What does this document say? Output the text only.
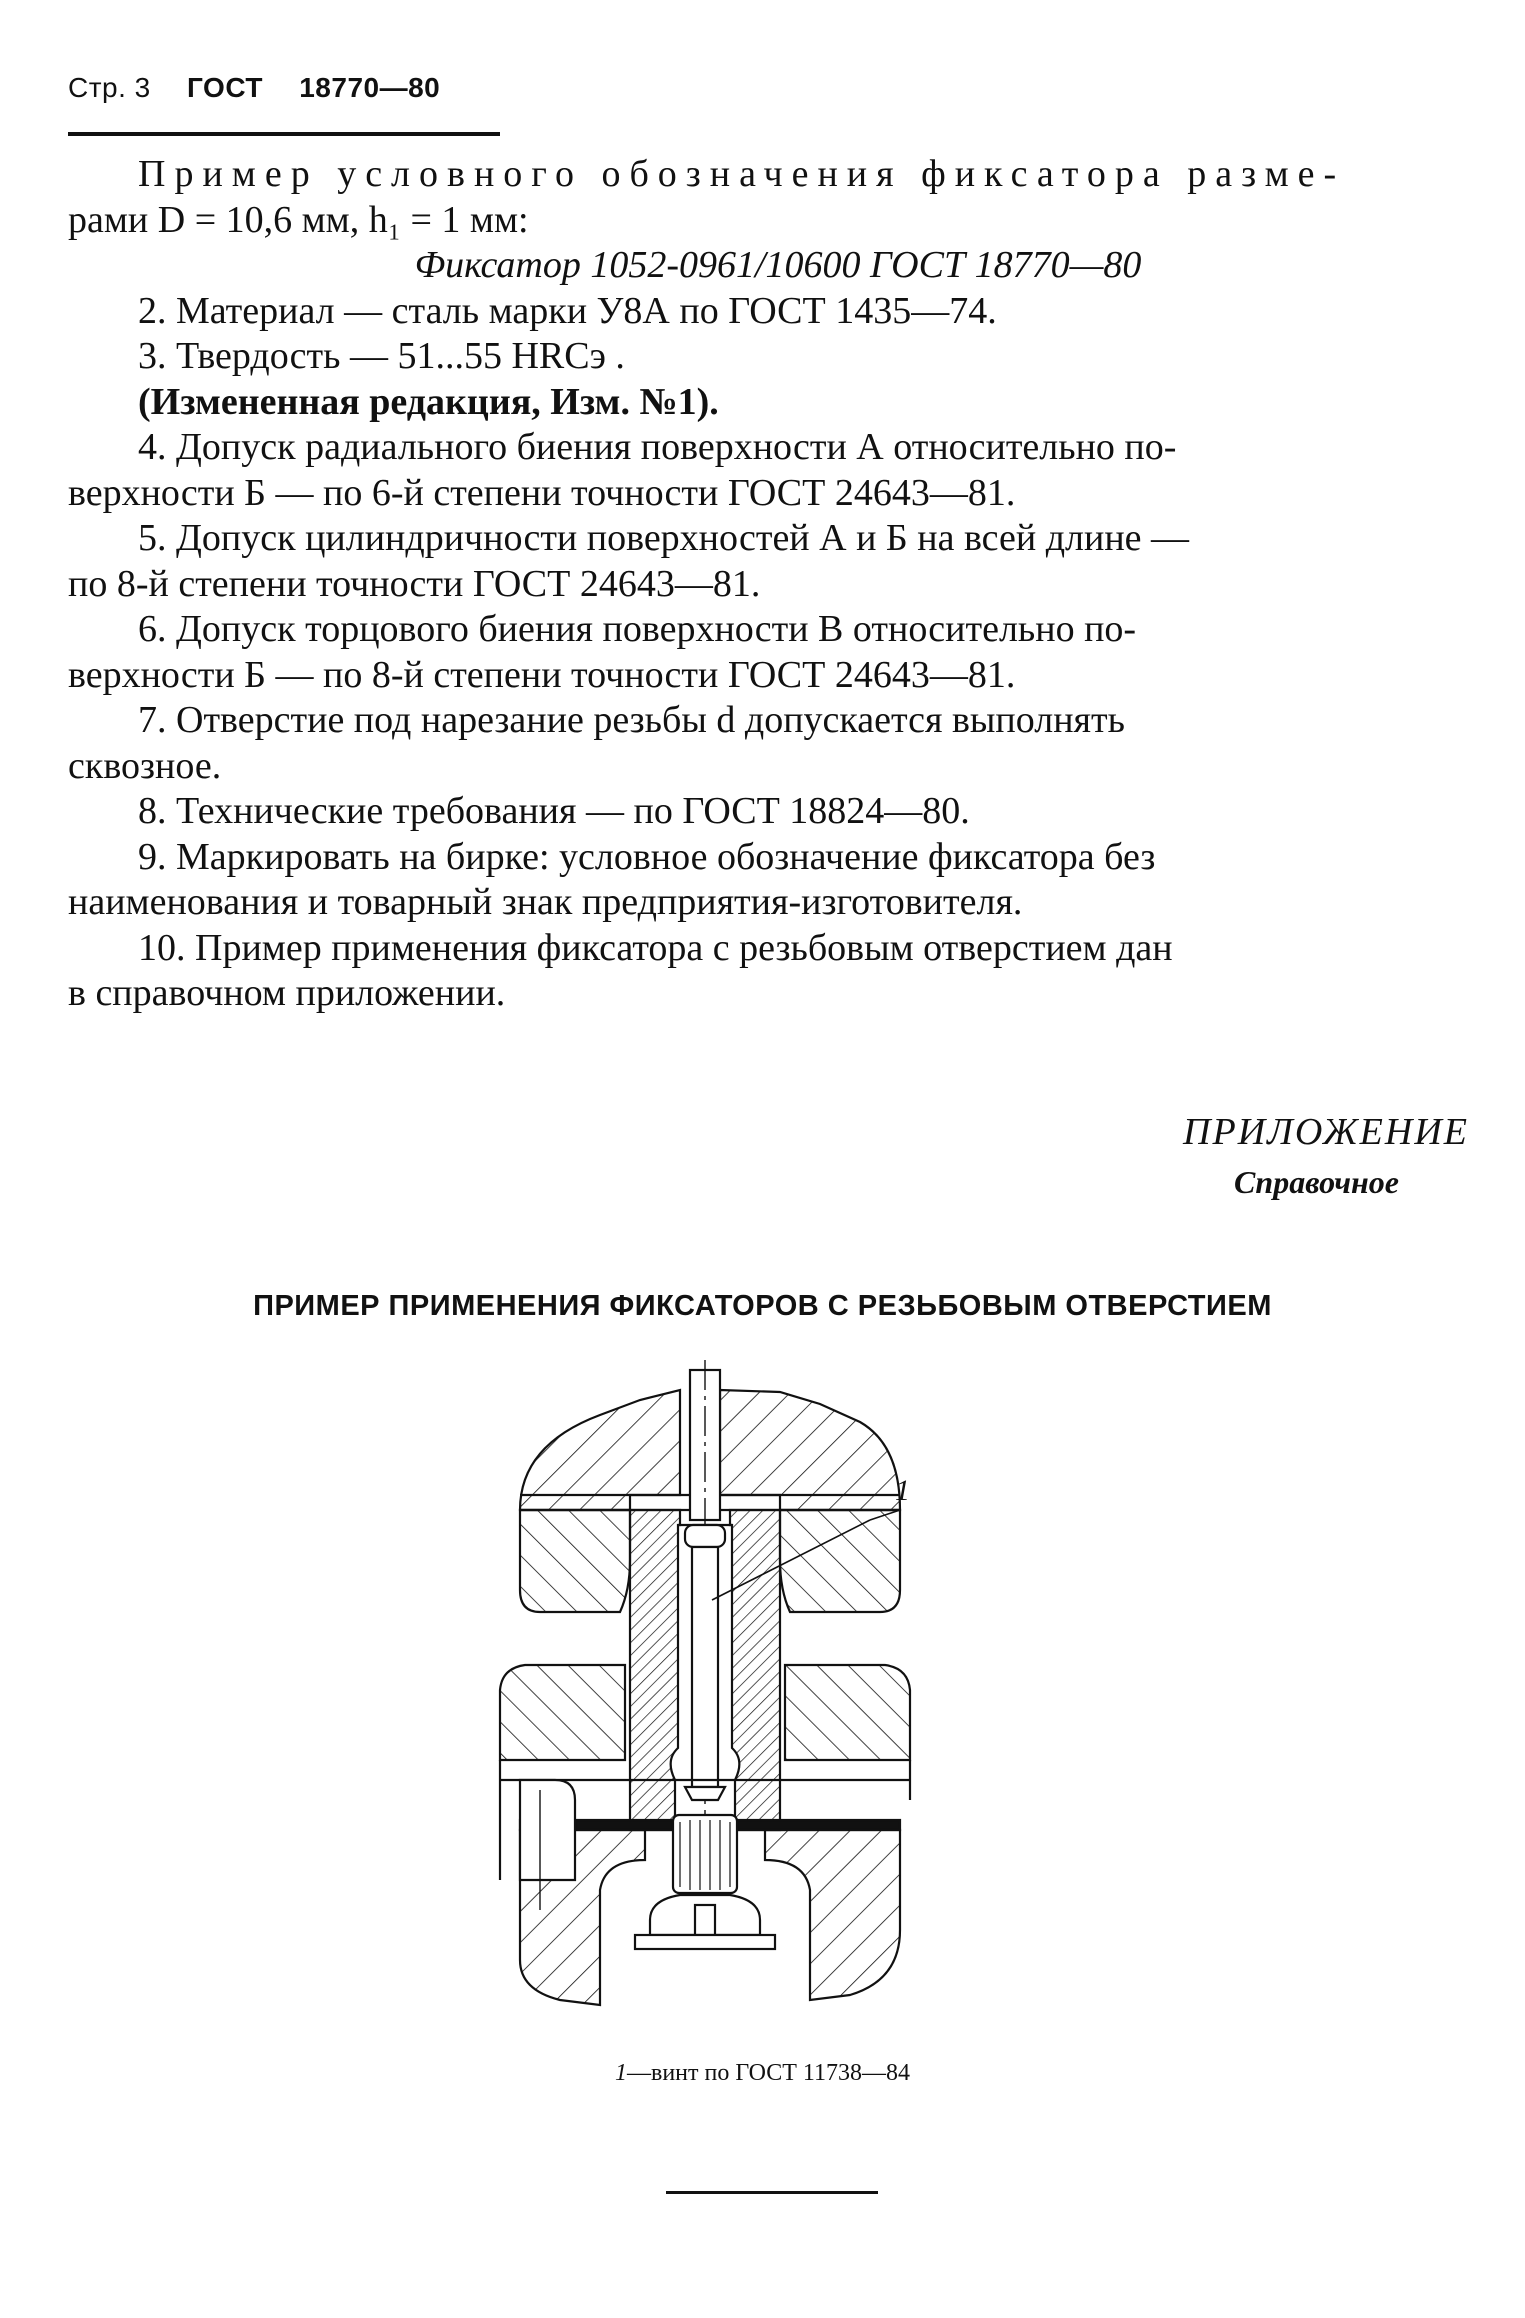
Стр. 3 ГОСТ 18770—80

Пример условного обозначения фиксатора разме-

рами D = 10,6 мм, h₁ = 1 мм:

Фиксатор 1052-0961/10600 ГОСТ 18770—80

2. Материал — сталь марки У8А по ГОСТ 1435—74.

3. Твердость — 51...55 HRCэ .

(Измененная редакция, Изм. №1).

4. Допуск радиального биения поверхности А относительно по-

верхности Б — по 6-й степени точности ГОСТ 24643—81.

5. Допуск цилиндричности поверхностей А и Б на всей длине —

по 8-й степени точности ГОСТ 24643—81.

6. Допуск торцового биения поверхности В относительно по-

верхности Б — по 8-й степени точности ГОСТ 24643—81.

7. Отверстие под нарезание резьбы d допускается выполнять

сквозное.

8. Технические требования — по ГОСТ 18824—80.

9. Маркировать на бирке: условное обозначение фиксатора без

наименования и товарный знак предприятия-изготовителя.

10. Пример применения фиксатора с резьбовым отверстием дан

в справочном приложении.

ПРИЛОЖЕНИЕ
Справочное
ПРИМЕР ПРИМЕНЕНИЯ ФИКСАТОРОВ С РЕЗЬБОВЫМ ОТВЕРСТИЕМ
1
1—винт по ГОСТ 11738—84
